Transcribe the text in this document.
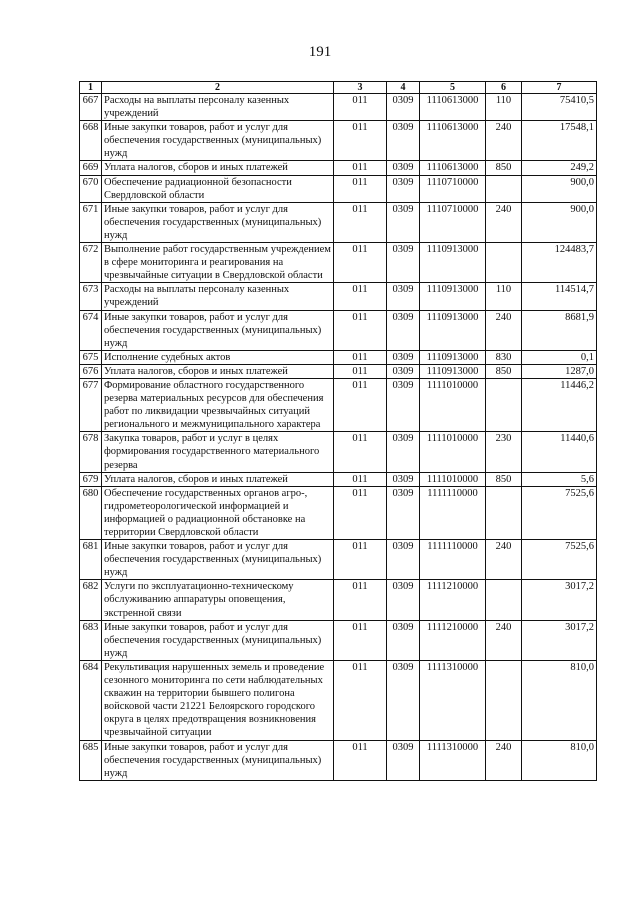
191
1	2	3	4	5	6	7
667	Расходы на выплаты персоналу казенных учреждений	011	0309	1110613000	110	75410,5
668	Иные закупки товаров, работ и услуг для обеспечения государственных (муниципальных) нужд	011	0309	1110613000	240	17548,1
669	Уплата налогов, сборов и иных платежей	011	0309	1110613000	850	249,2
670	Обеспечение радиационной безопасности Свердловской области	011	0309	1110710000		900,0
671	Иные закупки товаров, работ и услуг для обеспечения государственных (муниципальных) нужд	011	0309	1110710000	240	900,0
672	Выполнение работ государственным учреждением в сфере мониторинга и реагирования на чрезвычайные ситуации в Свердловской области	011	0309	1110913000		124483,7
673	Расходы на выплаты персоналу казенных учреждений	011	0309	1110913000	110	114514,7
674	Иные закупки товаров, работ и услуг для обеспечения государственных (муниципальных) нужд	011	0309	1110913000	240	8681,9
675	Исполнение судебных актов	011	0309	1110913000	830	0,1
676	Уплата налогов, сборов и иных платежей	011	0309	1110913000	850	1287,0
677	Формирование областного государственного резерва материальных ресурсов для обеспечения работ по ликвидации чрезвычайных ситуаций регионального и межмуниципального характера	011	0309	1111010000		11446,2
678	Закупка товаров, работ и услуг в целях формирования государственного материального резерва	011	0309	1111010000	230	11440,6
679	Уплата налогов, сборов и иных платежей	011	0309	1111010000	850	5,6
680	Обеспечение государственных органов агро-, гидрометеорологической информацией и информацией о радиационной обстановке на территории Свердловской области	011	0309	1111110000		7525,6
681	Иные закупки товаров, работ и услуг для обеспечения государственных (муниципальных) нужд	011	0309	1111110000	240	7525,6
682	Услуги по эксплуатационно-техническому обслуживанию аппаратуры оповещения, экстренной связи	011	0309	1111210000		3017,2
683	Иные закупки товаров, работ и услуг для обеспечения государственных (муниципальных) нужд	011	0309	1111210000	240	3017,2
684	Рекультивация нарушенных земель и проведение сезонного мониторинга по сети наблюдательных скважин на территории бывшего полигона войсковой части 21221 Белоярского городского округа в целях предотвращения возникновения чрезвычайной ситуации	011	0309	1111310000		810,0
685	Иные закупки товаров, работ и услуг для обеспечения государственных (муниципальных) нужд	011	0309	1111310000	240	810,0
